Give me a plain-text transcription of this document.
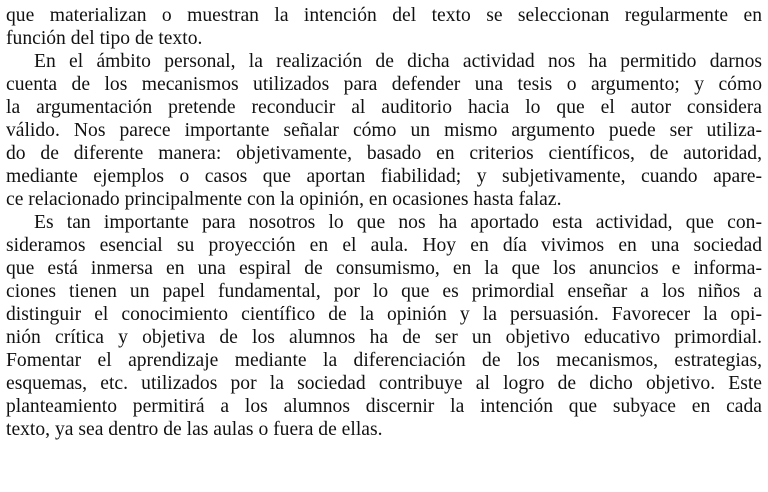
que materializan o muestran la intención del texto se seleccionan regularmente en
función del tipo de texto.
En el ámbito personal, la realización de dicha actividad nos ha permitido darnos
cuenta de los mecanismos utilizados para defender una tesis o argumento; y cómo
la argumentación pretende reconducir al auditorio hacia lo que el autor considera
válido. Nos parece importante señalar cómo un mismo argumento puede ser utiliza-
do de diferente manera: objetivamente, basado en criterios científicos, de autoridad,
mediante ejemplos o casos que aportan fiabilidad; y subjetivamente, cuando apare-
ce relacionado principalmente con la opinión, en ocasiones hasta falaz.
Es tan importante para nosotros lo que nos ha aportado esta actividad, que con-
sideramos esencial su proyección en el aula. Hoy en día vivimos en una sociedad
que está inmersa en una espiral de consumismo, en la que los anuncios e informa-
ciones tienen un papel fundamental, por lo que es primordial enseñar a los niños a
distinguir el conocimiento científico de la opinión y la persuasión. Favorecer la opi-
nión crítica y objetiva de los alumnos ha de ser un objetivo educativo primordial.
Fomentar el aprendizaje mediante la diferenciación de los mecanismos, estrategias,
esquemas, etc. utilizados por la sociedad contribuye al logro de dicho objetivo. Este
planteamiento permitirá a los alumnos discernir la intención que subyace en cada
texto, ya sea dentro de las aulas o fuera de ellas.
